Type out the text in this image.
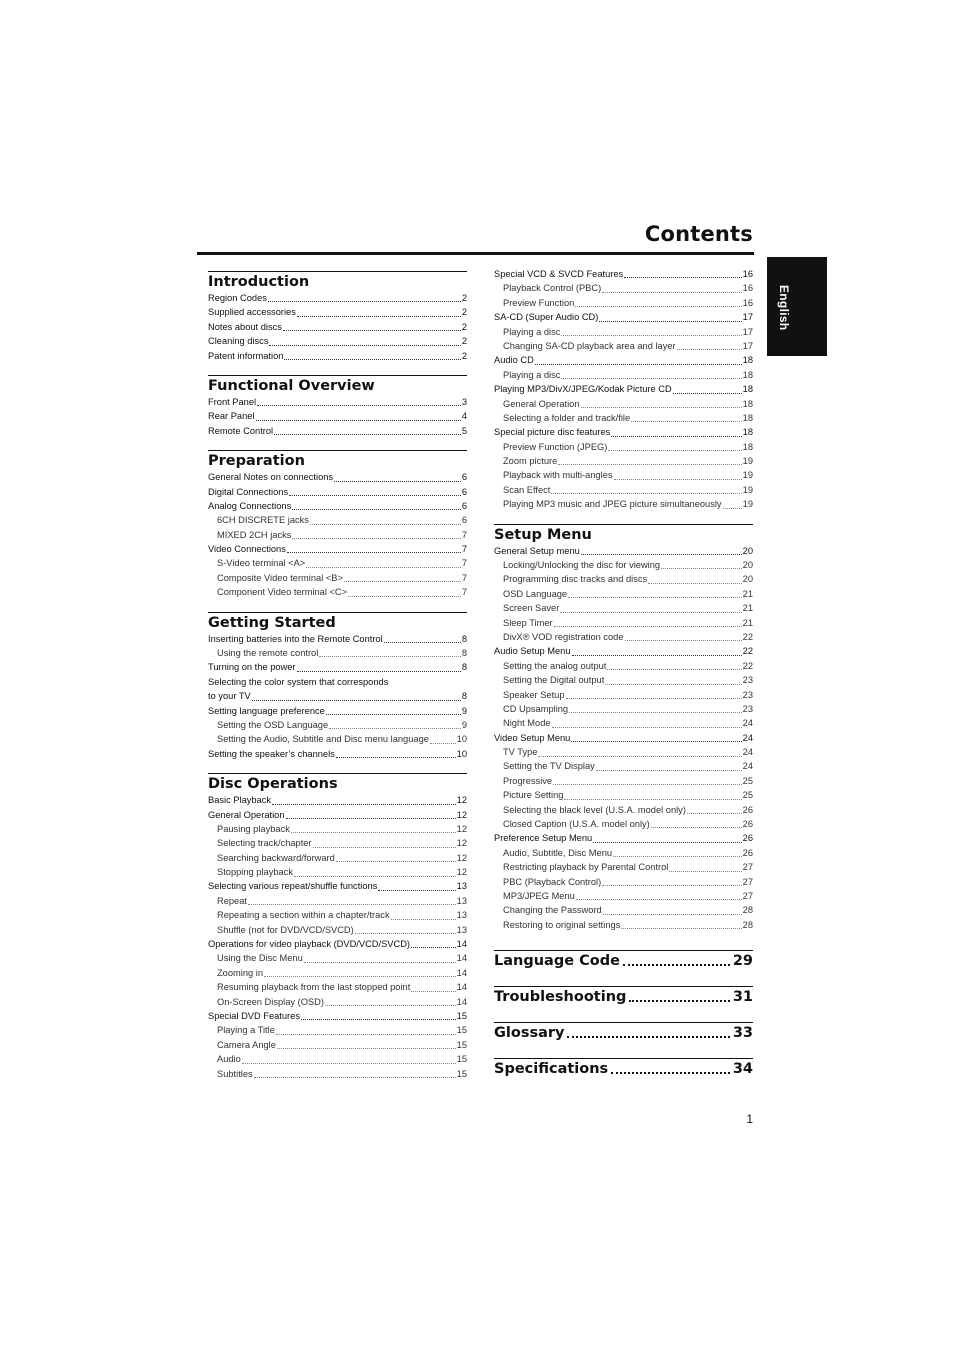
Contents
English
Introduction
Region Codes	2
Supplied accessories	2
Notes about discs	2
Cleaning discs	2
Patent information	2
Functional Overview
Front Panel	3
Rear Panel	4
Remote Control	5
Preparation
General Notes on connections	6
Digital Connections	6
Analog Connections	6
6CH DISCRETE jacks	6
MIXED 2CH jacks	7
Video Connections	7
S-Video terminal <A>	7
Composite Video terminal <B>	7
Component Video terminal <C>	7
Getting Started
Inserting batteries into the Remote Control	8
Using the remote control	8
Turning on the power	8
Selecting the color system that corresponds
to your TV	8
Setting language preference	9
Setting the OSD Language	9
Setting the Audio, Subtitle and Disc menu language	10
Setting the speaker’s channels	10
Disc Operations
Basic Playback	12
General Operation	12
Pausing playback	12
Selecting track/chapter	12
Searching backward/forward	12
Stopping playback	12
Selecting various repeat/shuffle functions	13
Repeat	13
Repeating a section within a chapter/track	13
Shuffle (not for DVD/VCD/SVCD)	13
Operations for video playback (DVD/VCD/SVCD)	14
Using the Disc Menu	14
Zooming in	14
Resuming playback from the last stopped point	14
On-Screen Display (OSD)	14
Special DVD Features	15
Playing a Title	15
Camera Angle	15
Audio	15
Subtitles	15
Special VCD & SVCD Features	16
Playback Control (PBC)	16
Preview Function	16
SA-CD (Super Audio CD)	17
Playing a disc	17
Changing SA-CD playback area and layer	17
Audio CD	18
Playing a disc	18
Playing MP3/DivX/JPEG/Kodak Picture CD	18
General Operation	18
Selecting a folder and track/file	18
Special picture disc features	18
Preview Function (JPEG)	18
Zoom picture	19
Playback with multi-angles	19
Scan Effect	19
Playing MP3 music and JPEG picture simultaneously 19
Setup Menu
General Setup menu	20
Locking/Unlocking the disc for viewing	20
Programming disc tracks and discs	20
OSD Language	21
Screen Saver	21
Sleep Timer	21
DivX® VOD registration code	22
Audio Setup Menu	22
Setting the analog output	22
Setting the Digital output	23
Speaker Setup	23
CD Upsampling	23
Night Mode	24
Video Setup Menu	24
TV Type	24
Setting the TV Display	24
Progressive	25
Picture Setting	25
Selecting the black level (U.S.A. model only)	26
Closed Caption (U.S.A. model only)	26
Preference Setup Menu	26
Audio, Subtitle, Disc Menu	26
Restricting playback by Parental Control	27
PBC (Playback Control)	27
MP3/JPEG Menu	27
Changing the Password	28
Restoring to original settings	28
Language Code	29
Troubleshooting	31
Glossary	33
Specifications	34
1
